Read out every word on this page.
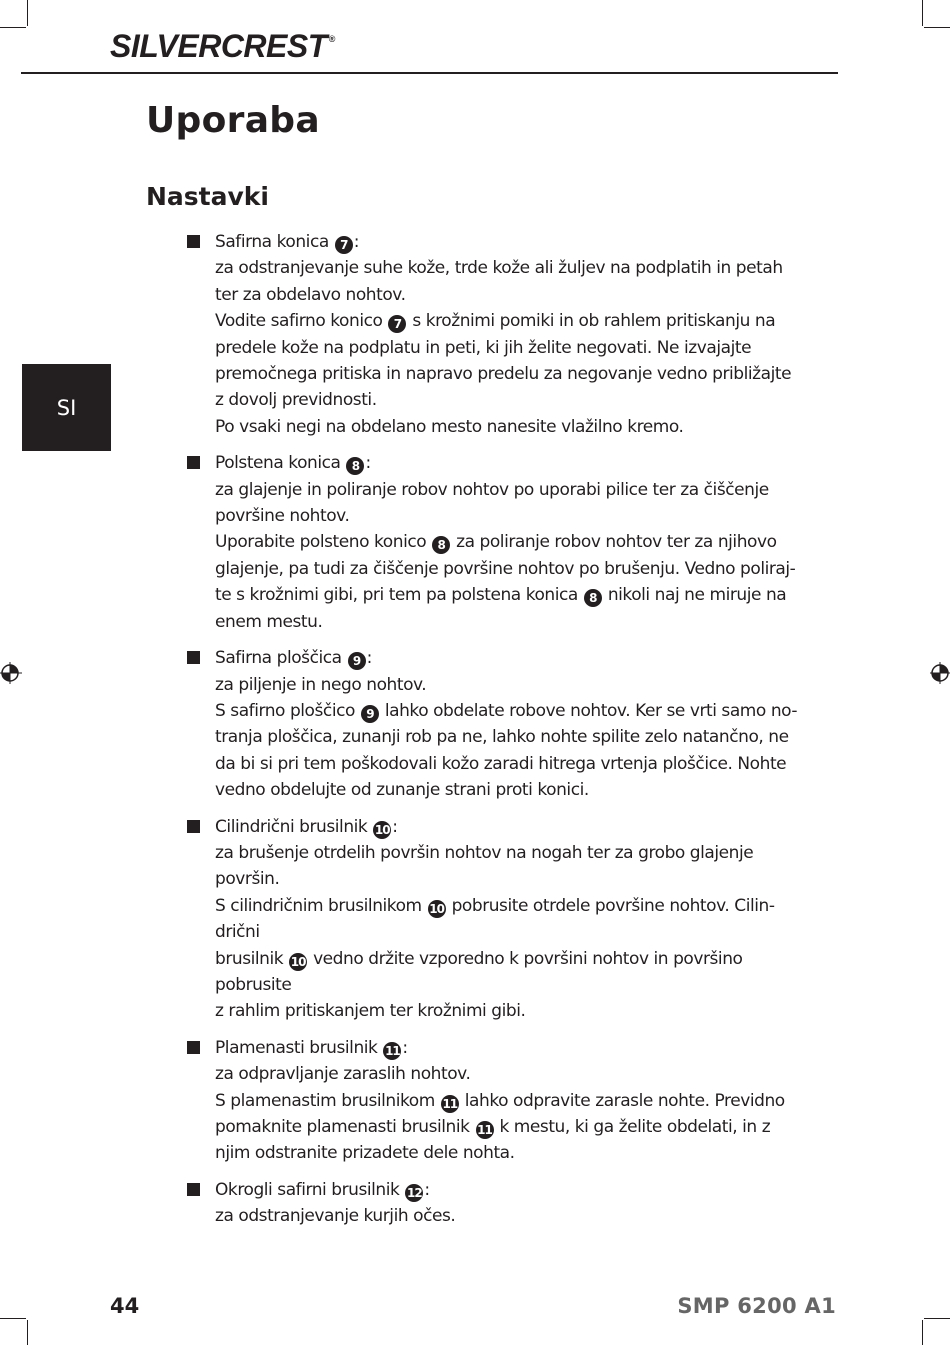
SILVERCREST ®
SI
Uporaba
Nastavki
Safirna konica 7 :
za odstranjevanje suhe kože, trde kože ali žuljev na podplatih in petah
ter za obdelavo nohtov.
Vodite safirno konico 7 s krožnimi pomiki in ob rahlem pritiskanju na
predele kože na podplatu in peti, ki jih želite negovati. Ne izvajajte
premočnega pritiska in napravo predelu za negovanje vedno približajte
z dovolj previdnosti.
Po vsaki negi na obdelano mesto nanesite vlažilno kremo.
Polstena konica 8 :
za glajenje in poliranje robov nohtov po uporabi pilice ter za čiščenje
površine nohtov.
Uporabite polsteno konico 8 za poliranje robov nohtov ter za njihovo
glajenje, pa tudi za čiščenje površine nohtov po brušenju. Vedno poliraj-
te s krožnimi gibi, pri tem pa polstena konica 8 nikoli naj ne miruje na
enem mestu.
Safirna ploščica 9 :
za piljenje in nego nohtov.
S safirno ploščico 9 lahko obdelate robove nohtov. Ker se vrti samo no-
tranja ploščica, zunanji rob pa ne, lahko nohte spilite zelo natančno, ne
da bi si pri tem poškodovali kožo zaradi hitrega vrtenja ploščice. Nohte
vedno obdelujte od zunanje strani proti konici.
Cilindrični brusilnik 10 :
za brušenje otrdelih površin nohtov na nogah ter za grobo glajenje
površin.
S cilindričnim brusilnikom 10 pobrusite otrdele površine nohtov. Cilin-
drični
brusilnik 10 vedno držite vzporedno k površini nohtov in površino
pobrusite
z rahlim pritiskanjem ter krožnimi gibi.
Plamenasti brusilnik 11 :
za odpravljanje zaraslih nohtov.
S plamenastim brusilnikom 11 lahko odpravite zarasle nohte. Previdno
pomaknite plamenasti brusilnik 11 k mestu, ki ga želite obdelati, in z
njim odstranite prizadete dele nohta.
Okrogli safirni brusilnik 12 :
za odstranjevanje kurjih očes.
44	SMP 6200 A1
